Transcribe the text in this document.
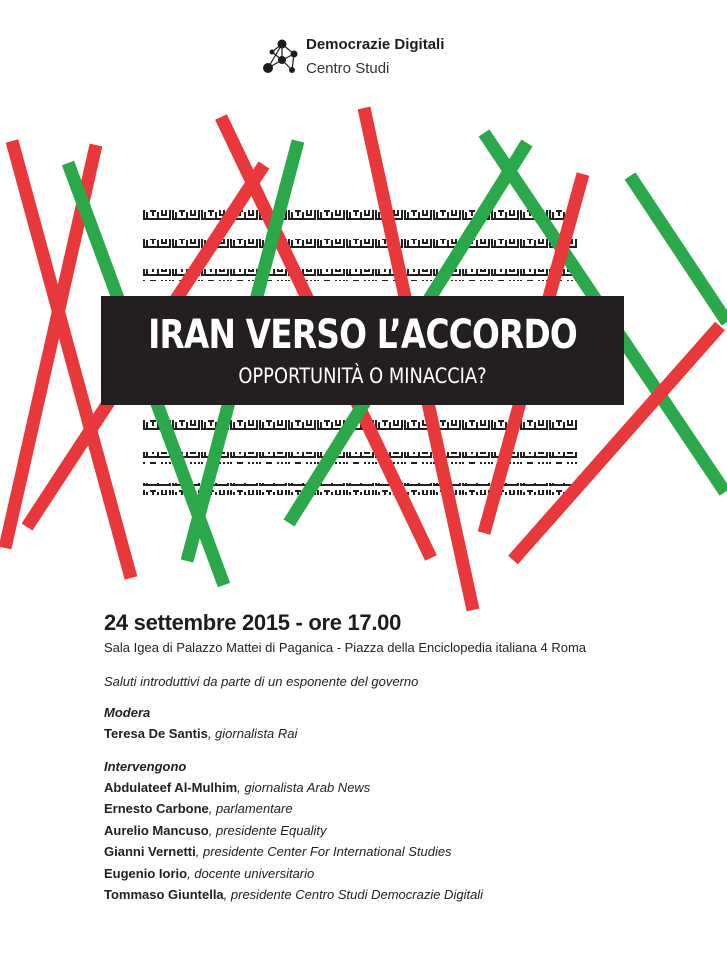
Democrazie Digitali
Centro Studi
IRAN VERSO L’ACCORDO
OPPORTUNITÀ O MINACCIA?
24 settembre 2015 - ore 17.00
Sala Igea di Palazzo Mattei di Paganica - Piazza della Enciclopedia italiana 4 Roma
Saluti introduttivi da parte di un esponente del governo
Modera
Teresa De Santis, giornalista Rai
Intervengono
Abdulateef Al-Mulhim, giornalista Arab News
Ernesto Carbone, parlamentare
Aurelio Mancuso, presidente Equality
Gianni Vernetti, presidente Center For International Studies
Eugenio Iorio, docente universitario
Tommaso Giuntella, presidente Centro Studi Democrazie Digitali
